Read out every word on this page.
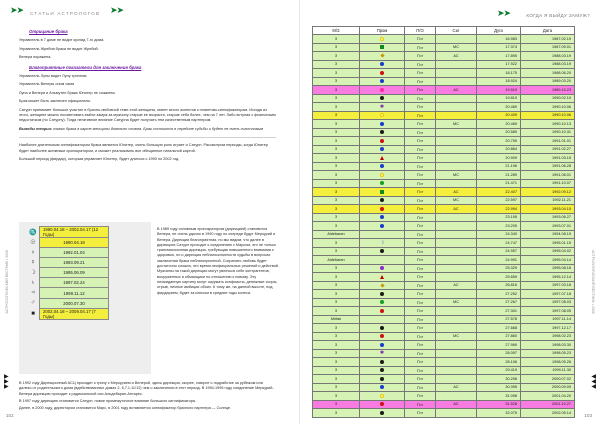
➤➤ СТАТЬИ АСТРОЛОГОВ ➤➤
АСТРОЛОГИЧЕСКИЙ ВЕСТНИК • 2008
▶
▶
▶
Отрицание брака

Управитель в 7 доме не видит куспид 7-го дома.

Управитель Жребия брака не видит Жребий.

Венера поражена.

Благоприятные показатели для заключения брака

Управитель Луны видит Луну тринном

Управитель Венеры оном сама

Луна и Венера и Альмутен брака Юпитер не сожжены

Брак может быть заключен официально.

Сатурн принимает большое участие в брачно-любовной теме этой женщины, имеет много аспектов к планетам-сигнификаторам. Исходя из этого, женщине можно посоветовать выйти замуж за мужчину старше ее возраста, старше себя более, чем на 7 лет. Либо вступая с физическим недостатком (по Сатурну). Тогда негативное влияние Сатурна будет получать тем качественным партнером.

Выводы теории: тяжко брака в карте женщины довольно сложна. Брак состоится в середине судьбы и будет не очень счастливым

Наиболее длительным сигнификатором брака является Юпитер, очень большую роль играет и Сатурн. Рассмотрим периоды, когда Юпитер будет наиболее активным хронократором, и сможет реализовать все обещанное натальной картой.

Большой период (фирдар), которым управляет Юпитер, будет длиться с 1990 по 2002 год.

♏	1990.04.18 – 2002.04.17 (12 Годы)
☉	1990.04.18
♀	1992.01.04
☿	1993.09.21
☽	1995.06.09
♄	1997.02.24
♃	1998.11.12
♂	2000.07.30
■	2002.04.18 – 2009.04.17 (7 Годы)
В 1989 году основным хронократором (дирекцией) становится Венера, не очень удачно в 1990 году по очереди будут Меркурий и Венера. Дирекция благоприятная, но мы видим, что далее в дирекциях Сатурн проходит к соединению с Марсом, это не только трансмиссионная дирекция, требующая повышенного внимания к здоровью, но и дирекция неблагосклонности судьбы в вопросах заключения брака неблагоприятной. Сохранять любовь будет достаточно сложно, это время неофициальных решений и действий. Мужчины на такой дирекции могут увлечься себе контрагентов, вооруженных и обманщики по отношению к новому. Эту неожиданную картину могут окружать конфликты, денежные ссоры, отрыв, личные амбиции обоих. К тому же, на данной высоте, под фирдарием, будет за ключом в средние годы колеса.

В 1992 году Дирекционный АСЦ проходит к трину с Меркурием и Венерой, здесь дирекция, скорее, говорит о подработке за рубежом или далеко от родительского дома (вдействованных домах 2, 6,7,1,11/12) чем о заключении в этот период. В 1994-1995 году соединение Меркурий-Венера дирекцию проходит к радиксальной оси Альдебаран-Антарес.

В 1997 году дирекцию становится Сатурн, новое промежуточное влияние большого сигнификатора.

Далее, в 2000 году, директором становится Марс, в 2001 году вставляется сигнификатор брачного партнера — Солнце.

102
КОГДА Я ВЫЙДУ ЗАМУЖ?
➤➤
М/З	Пром	П/О	Сиг	Дуга	Дата
З		П⇒		16.983	1987.02.19
З		П⇒	МС	17.374	1987.09.01
З		П⇒	АС	17.895	1988.03.19
З		П⇒		17.922	1988.03.19
З		П⇒		18.175	1988.06.20
З		П⇒		18.924	1989.03.20
З		П⇒	АС	19.519	1989.10.23
З		П⇒		19.819	1990.02.10
З	✱	П⇒		20.469	1990.10.06
З		П⇒		20.409	1990.10.06
З		П⇒	МС	20.469	1990.10.13
З		П⇒		20.589	1990.10.31
З		П⇒		20.759	1991.01.01
З		П⇒		20.864	1991.02.27
З		П⇒		20.909	1991.03.15
З		П⇒		21.196	1991.06.28
З		П⇒	МС	21.289	1991.08.01
З		П⇒		21.471	1991.10.07
З		П⇒	АС	22.407	1992.09.12
З		П⇒	МС	22.597	1992.11.21
З		П⇒	АС	22.994	1993.04.15
З		П⇒		23.195	1993.06.27
З		П⇒		23.205	1993.07.01
Aldebaran		П⇒		24.340	1994.08.19
З	☽	П⇒		24.747	1995.01.15
З		П⇒		24.957	1995.04.02
Aldebaran		П⇒		24.991	1995.04.14
З		П⇒		25.329	1995.08.16
З		П⇒		25.659	1995.12.14
З		П⇒	АС	26.816	1997.03.18
З		П⇒		27.252	1997.07.18
З		П⇒	МС	27.267	1997.08.03
З		П⇒		27.301	1997.08.05
Mirfak		П⇒		27.578	1997.11.14
З		П⇒		27.668	1997.12.17
З		П⇒	МС	27.860	1998.02.23
З		П⇒		27.969	1998.03.30
З	✱	П⇒		28.097	1998.05.23
З		П⇒		28.106	1998.05.26
З		П⇒		29.419	1999.11.30
З		П⇒		30.298	2000.07.02
З		П⇒	АС	30.395	2000.09.09
З		П⇒		31.098	2001.04.20
З		П⇒	АС	31.528	2001.10.27
З		П⇒		32.075	2002.05.14
АСТРОЛОГИЧЕСКИЙ ВЕСТНИК • 2008
◀
◀
◀
103
